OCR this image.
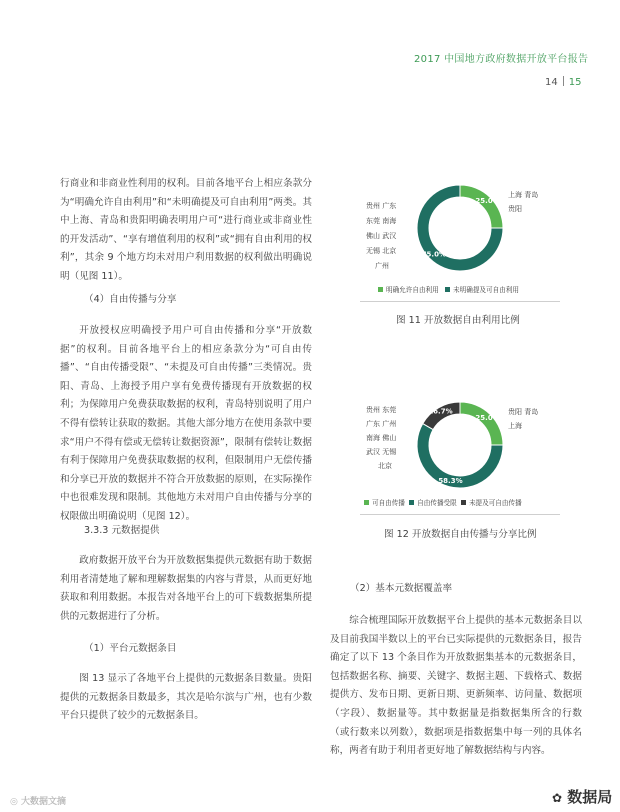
2017 中国地方政府数据开放平台报告
14 15

行商业和非商业性利用的权利。目前各地平台上相应条款分为“明确允许自由利用”和“未明确提及可自由利用”两类。其中上海、青岛和贵阳明确表明用户可“进行商业或非商业性的开发活动”、“享有增值利用的权利”或“拥有自由利用的权利”，其余 9 个地方均未对用户利用数据的权利做出明确说明（见图 11）。

（4）自由传播与分享

开放授权应明确授予用户可自由传播和分享“开放数据”的权利。目前各地平台上的相应条款分为“可自由传播”、“自由传播受限”、“未提及可自由传播”三类情况。贵阳、青岛、上海授予用户享有免费传播现有开放数据的权利；为保障用户免费获取数据的权利，青岛特别说明了用户不得有偿转让获取的数据。其他大部分地方在使用条款中要求“用户不得有偿或无偿转让数据资源”，限制有偿转让数据有利于保障用户免费获取数据的权利，但限制用户无偿传播和分享已开放的数据并不符合开放数据的原则，在实际操作中也很难发现和限制。其他地方未对用户自由传播与分享的权限做出明确说明（见图 12）。

3.3.3 元数据提供

政府数据开放平台为开放数据集提供元数据有助于数据利用者清楚地了解和理解数据集的内容与背景，从而更好地获取和利用数据。本报告对各地平台上的可下载数据集所提供的元数据进行了分析。

（1）平台元数据条目

图 13 显示了各地平台上提供的元数据条目数量。贵阳提供的元数据条目数最多，其次是哈尔滨与广州，也有少数平台只提供了较少的元数据条目。

25.0%
75.0%
贵州 广东
东莞 南海
佛山 武汉
无锡 北京
广州
上海 青岛
贵阳
明确允许自由利用 未明确提及可自由利用
图 11 开放数据自由利用比例
25.0%
58.3%
16.7%
贵州 东莞
广东 广州
南海 佛山
武汉 无锡
北京
贵阳 青岛
上海
可自由传播 自由传播受限 未提及可自由传播
图 12 开放数据自由传播与分享比例
（2）基本元数据覆盖率

综合梳理国际开放数据平台上提供的基本元数据条目以及目前我国半数以上的平台已实际提供的元数据条目，报告确定了以下 13 个条目作为开放数据集基本的元数据条目，包括数据名称、摘要、关键字、数据主题、下载格式、数据提供方、发布日期、更新日期、更新频率、访问量、数据项（字段）、数据量等。其中数据量是指数据集所含的行数（或行数来以列数），数据项是指数据集中每一列的具体名称，两者有助于利用者更好地了解数据结构与内容。

◎ 大数据文摘	✿ 数据局
